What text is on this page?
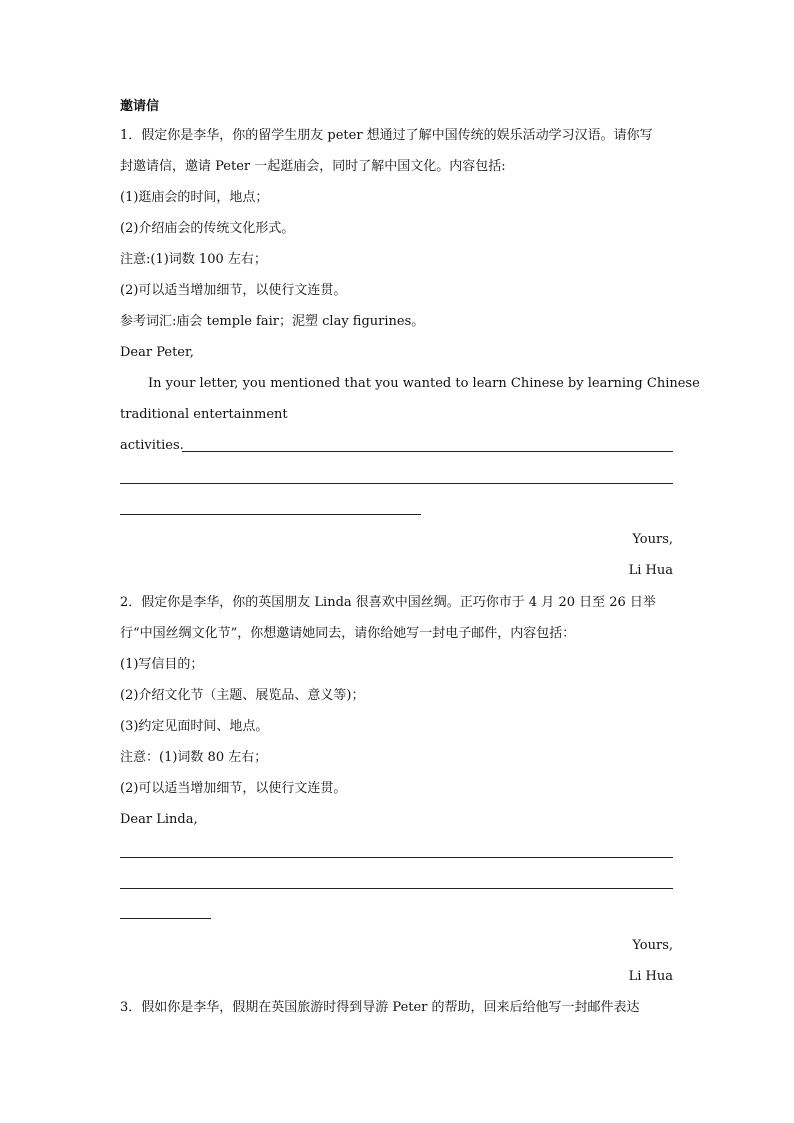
邀请信
1．假定你是李华，你的留学生朋友 peter 想通过了解中国传统的娱乐活动学习汉语。请你写
封邀请信，邀请 Peter 一起逛庙会，同时了解中国文化。内容包括:
(1)逛庙会的时间，地点；
(2)介绍庙会的传统文化形式。
注意:(1)词数 100 左右；
(2)可以适当增加细节，以使行文连贯。
参考词汇:庙会 temple fair；泥塑 clay figurines。
Dear Peter,
In your letter, you mentioned that you wanted to learn Chinese by learning Chinese
traditional entertainment
activities.
Yours,
Li Hua
2．假定你是李华，你的英国朋友 Linda 很喜欢中国丝绸。正巧你市于 4 月 20 日至 26 日举
行“中国丝绸文化节”，你想邀请她同去，请你给她写一封电子邮件，内容包括：
(1)写信目的；
(2)介绍文化节（主题、展览品、意义等)；
(3)约定见面时间、地点。
注意：(1)词数 80 左右；
(2)可以适当增加细节，以使行文连贯。
Dear Linda,
Yours,
Li Hua
3．假如你是李华，假期在英国旅游时得到导游 Peter 的帮助，回来后给他写一封邮件表达
